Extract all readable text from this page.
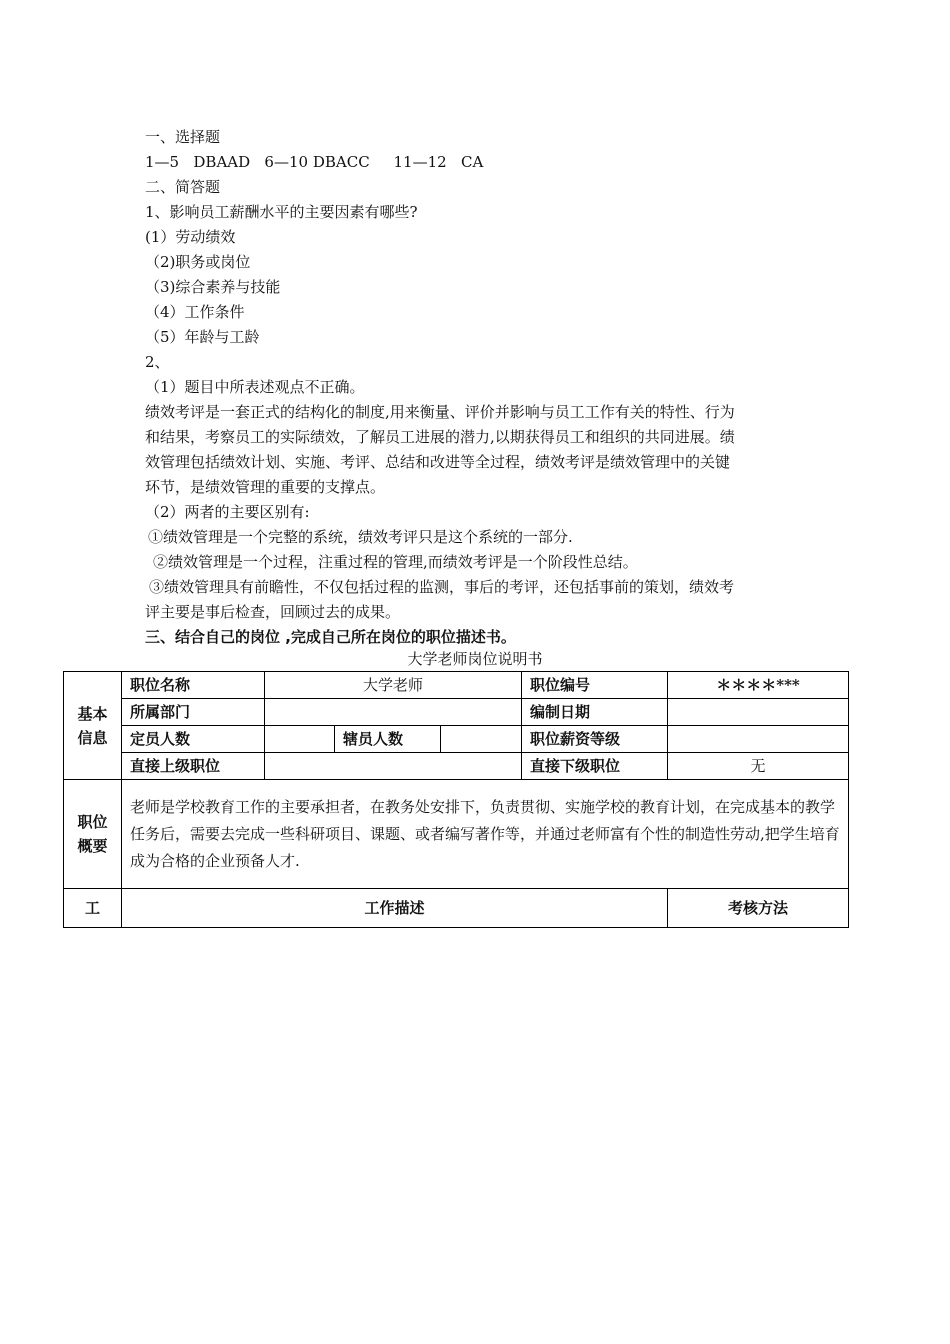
一、选择题
1—5   DBAAD   6—10 DBACC     11—12   CA
二、简答题
1、影响员工薪酬水平的主要因素有哪些?
(1）劳动绩效
（2)职务或岗位
（3)综合素养与技能
（4）工作条件
（5）年龄与工龄
2、
（1）题目中所表述观点不正确。
绩效考评是一套正式的结构化的制度,用来衡量、评价并影响与员工工作有关的特性、行为
和结果，考察员工的实际绩效，了解员工进展的潜力,以期获得员工和组织的共同进展。绩
效管理包括绩效计划、实施、考评、总结和改进等全过程，绩效考评是绩效管理中的关键
环节，是绩效管理的重要的支撑点。
（2）两者的主要区别有:
①绩效管理是一个完整的系统，绩效考评只是这个系统的一部分.
②绩效管理是一个过程，注重过程的管理,而绩效考评是一个阶段性总结。
③绩效管理具有前瞻性，不仅包括过程的监测，事后的考评，还包括事前的策划，绩效考
评主要是事后检查，回顾过去的成果。
三、结合自己的岗位 ,完成自己所在岗位的职位描述书。
大学老师岗位说明书
基本
信息	职位名称	大学老师			职位编号	＊＊＊＊***
	所属部门				编制日期	
	定员人数		辖员人数		职位薪资等级	
	直接上级职位				直接下级职位	无

职位
概要	老师是学校教育工作的主要承担者，在教务处安排下，负责贯彻、实施学校的教育计划，在完成基本的教学任务后，需要去完成一些科研项目、课题、或者编写著作等，并通过老师富有个性的制造性劳动,把学生培育成为合格的企业预备人才.					
工	工作描述					考核方法
